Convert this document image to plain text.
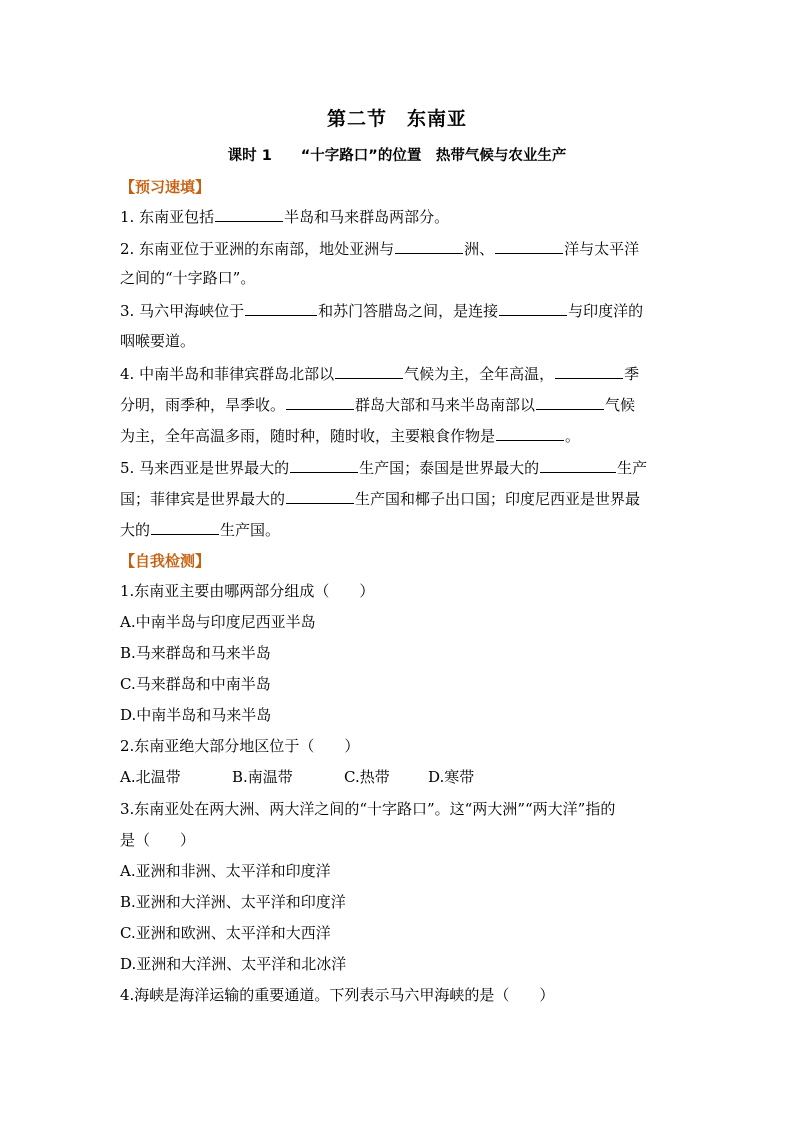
第二节　东南亚
课时 1　　“十字路口”的位置　热带气候与农业生产
【预习速填】
1. 东南亚包括	半岛和马来群岛两部分。
2. 东南亚位于亚洲的东南部，地处亚洲与	洲、	洋与太平洋
之间的“十字路口”。
3. 马六甲海峡位于	和苏门答腊岛之间，是连接	与印度洋的
咽喉要道。
4. 中南半岛和菲律宾群岛北部以	气候为主，全年高温，	季
分明，雨季种，旱季收。	群岛大部和马来半岛南部以	气候
为主，全年高温多雨，随时种，随时收，主要粮食作物是	。
5. 马来西亚是世界最大的	生产国；泰国是世界最大的	生产
国；菲律宾是世界最大的	生产国和椰子出口国；印度尼西亚是世界最
大的	生产国。
【自我检测】
1.东南亚主要由哪两部分组成（　　）
A.中南半岛与印度尼西亚半岛
B.马来群岛和马来半岛
C.马来群岛和中南半岛
D.中南半岛和马来半岛
2.东南亚绝大部分地区位于（　　）
A.北温带	B.南温带	C.热带	D.寒带
3.东南亚处在两大洲、两大洋之间的“十字路口”。这“两大洲”“两大洋”指的
是（　　）
A.亚洲和非洲、太平洋和印度洋
B.亚洲和大洋洲、太平洋和印度洋
C.亚洲和欧洲、太平洋和大西洋
D.亚洲和大洋洲、太平洋和北冰洋
4.海峡是海洋运输的重要通道。下列表示马六甲海峡的是（　　）
